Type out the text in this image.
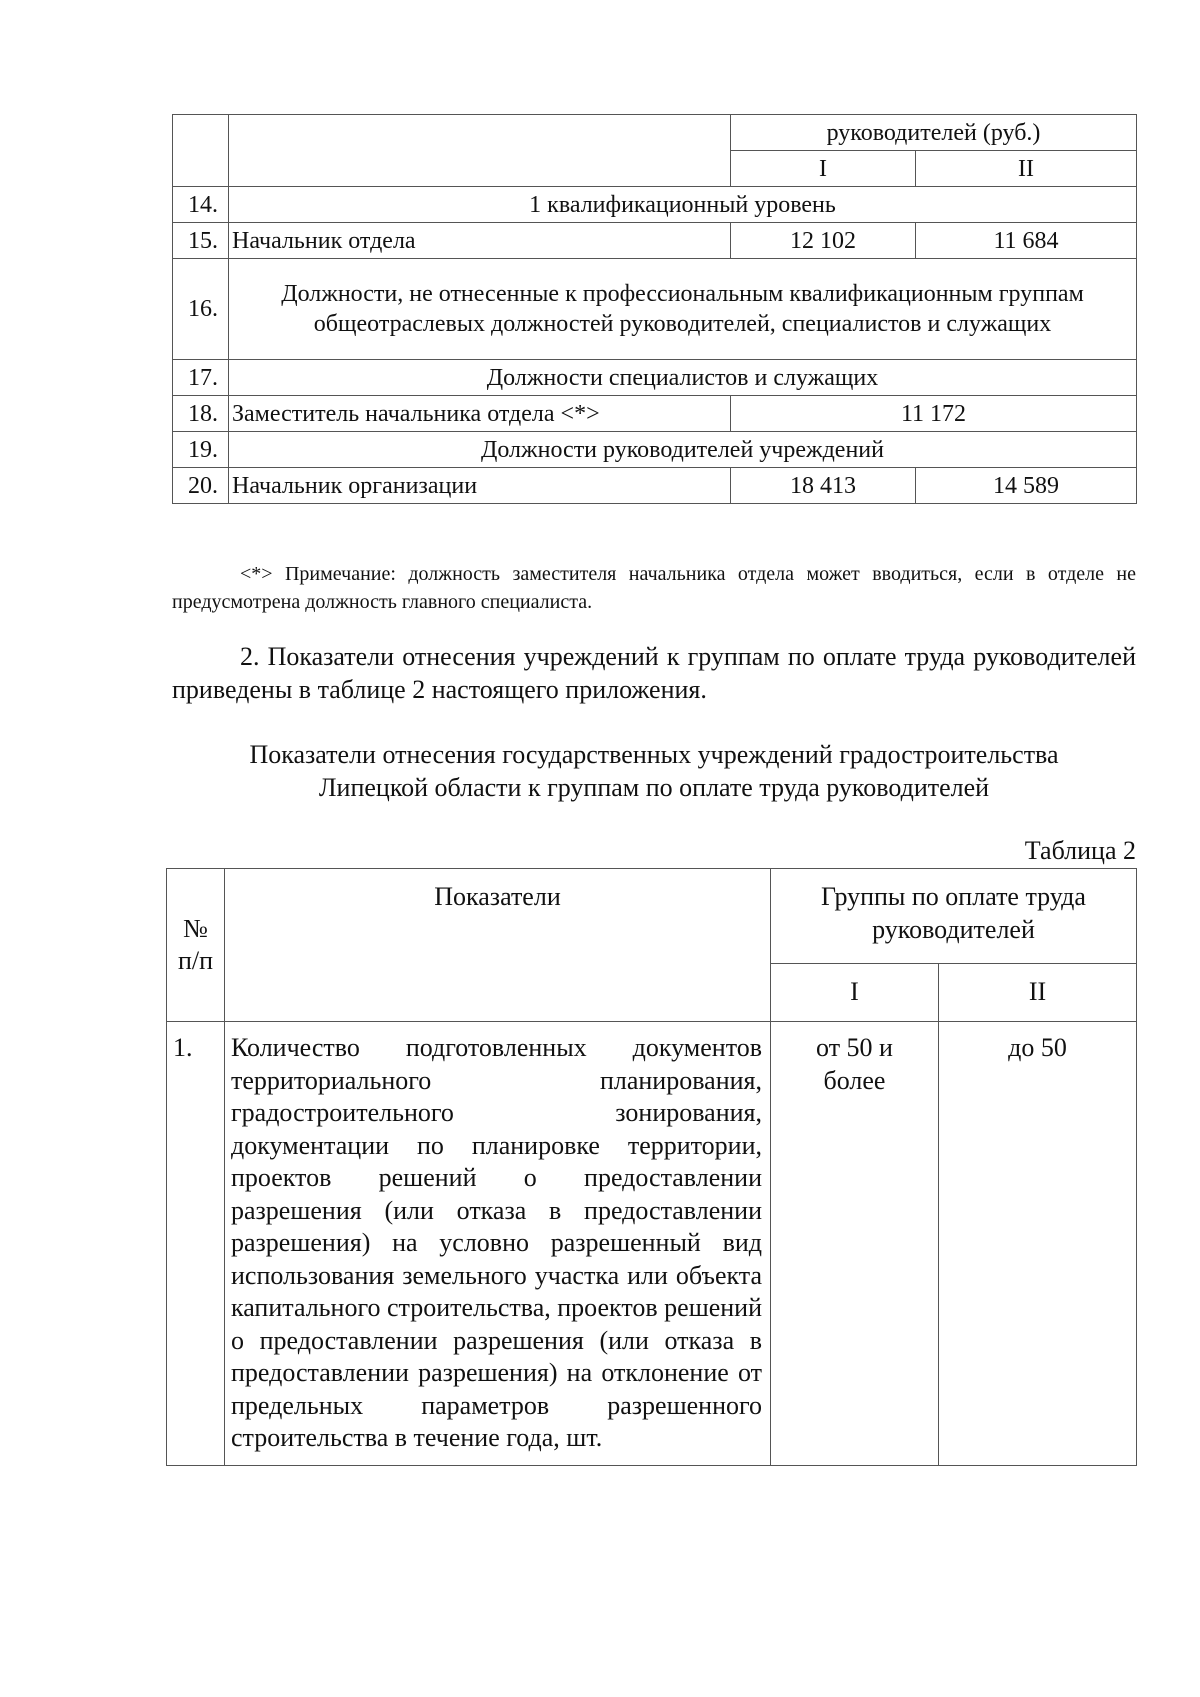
		руководителей (руб.)	
		I	II
14.	1 квалификационный уровень		
15.	Начальник отдела	12 102	11 684
16.	Должности, не отнесенные к профессиональным квалификационным группам общеотраслевых должностей руководителей, специалистов и служащих		
17.	Должности специалистов и служащих		
18.	Заместитель начальника отдела <*>	11 172	
19.	Должности руководителей учреждений		
20.	Начальник организации	18 413	14 589
<*> Примечание: должность заместителя начальника отдела может вводиться, если в отделе не предусмотрена должность главного специалиста.
2. Показатели отнесения учреждений к группам по оплате труда руководителей приведены в таблице 2 настоящего приложения.
Показатели отнесения государственных учреждений градостроительства
Липецкой области к группам по оплате труда руководителей
Таблица 2
№ п/п	Показатели	Группы по оплате труда руководителей	
		I	II
1.	Количество подготовленных документов территориального планирования, градостроительного зонирования, документации по планировке территории, проектов решений о предоставлении разрешения (или отказа в предоставлении разрешения) на условно разрешенный вид использования земельного участка или объекта капитального строительства, проектов решений о предоставлении разрешения (или отказа в предоставлении разрешения) на отклонение от предельных параметров разрешенного строительства в течение года, шт.	от 50 и более	до 50
